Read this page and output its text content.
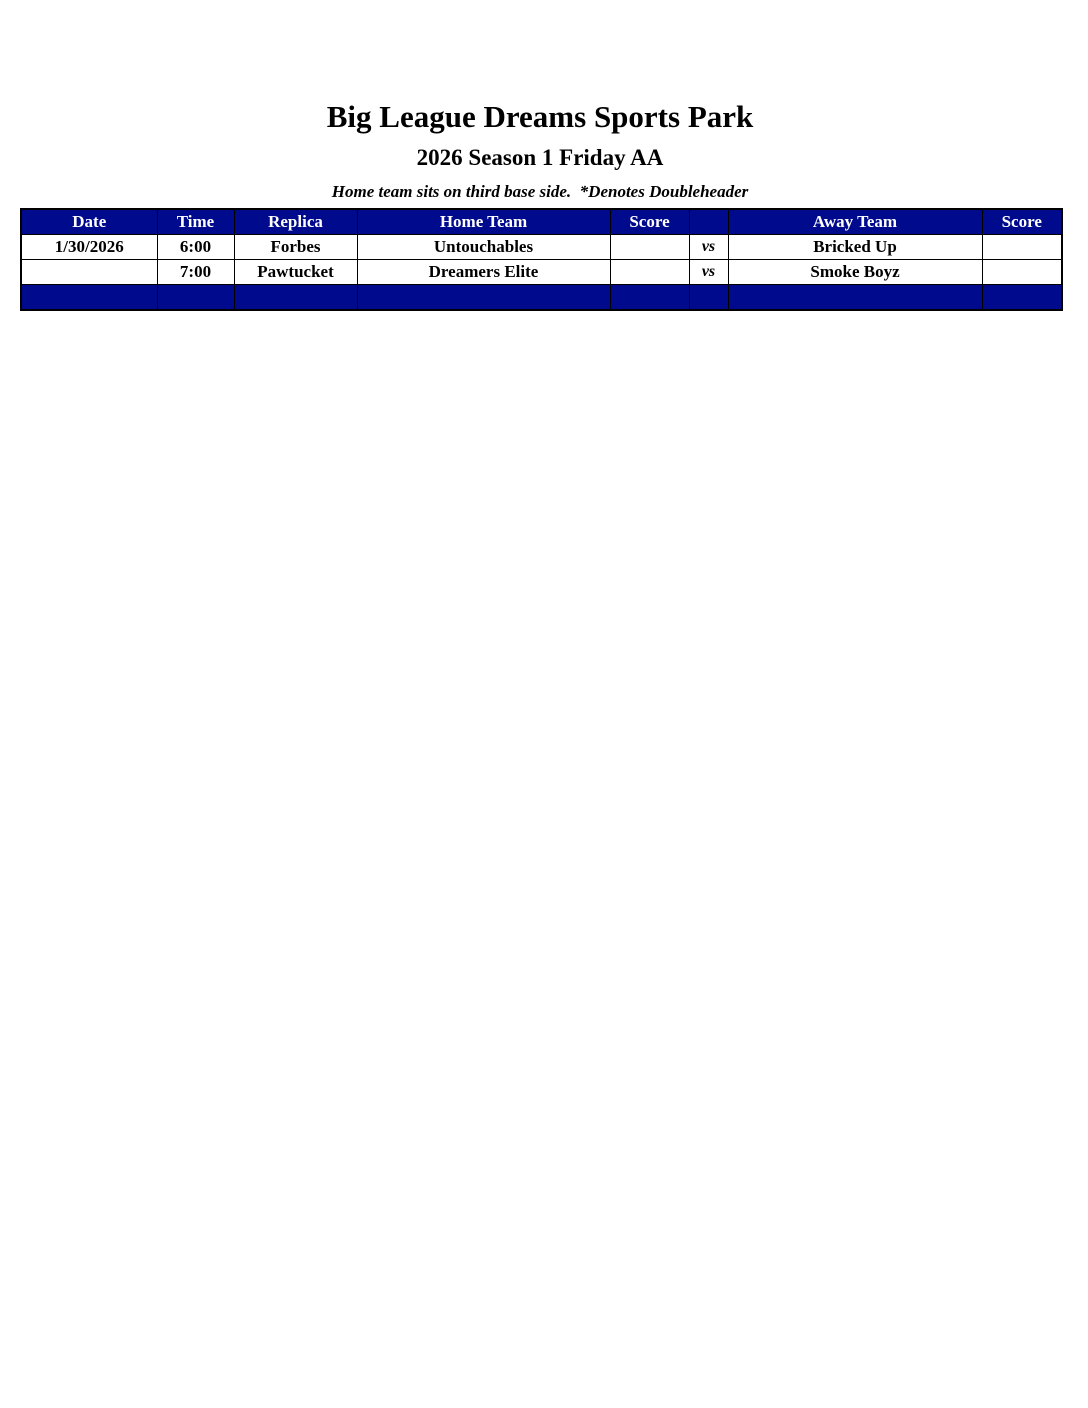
Big League Dreams Sports Park
2026 Season 1 Friday AA
Home team sits on third base side.  *Denotes Doubleheader
Date	Time	Replica	Home Team	Score		Away Team	Score
1/30/2026	6:00	Forbes	Untouchables		vs	Bricked Up	
	7:00	Pawtucket	Dreamers Elite		vs	Smoke Boyz	
